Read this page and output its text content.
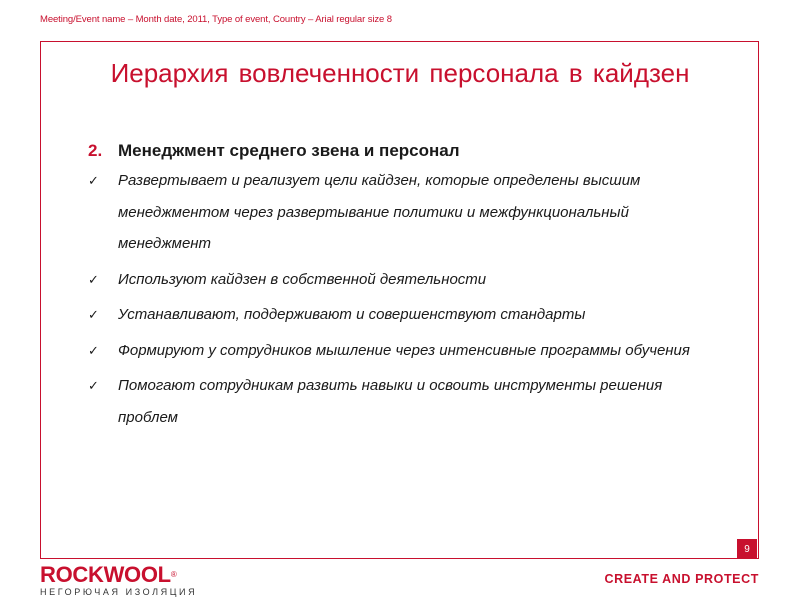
Meeting/Event name – Month date, 2011, Type of event, Country – Arial regular size 8
Иерархия вовлеченности персонала в кайдзен
2. Менеджмент среднего звена и персонал
✓	Развертывает и реализует цели кайдзен, которые определены высшим менеджментом через развертывание политики и межфункциональный менеджмент
✓	Используют кайдзен в собственной деятельности
✓	Устанавливают, поддерживают и совершенствуют стандарты
✓	Формируют у сотрудников мышление через интенсивные программы обучения
✓	Помогают сотрудникам развить навыки и освоить инструменты решения проблем
9
ROCKWOOL®
НЕГОРЮЧАЯ ИЗОЛЯЦИЯ
CREATE AND PROTECT
